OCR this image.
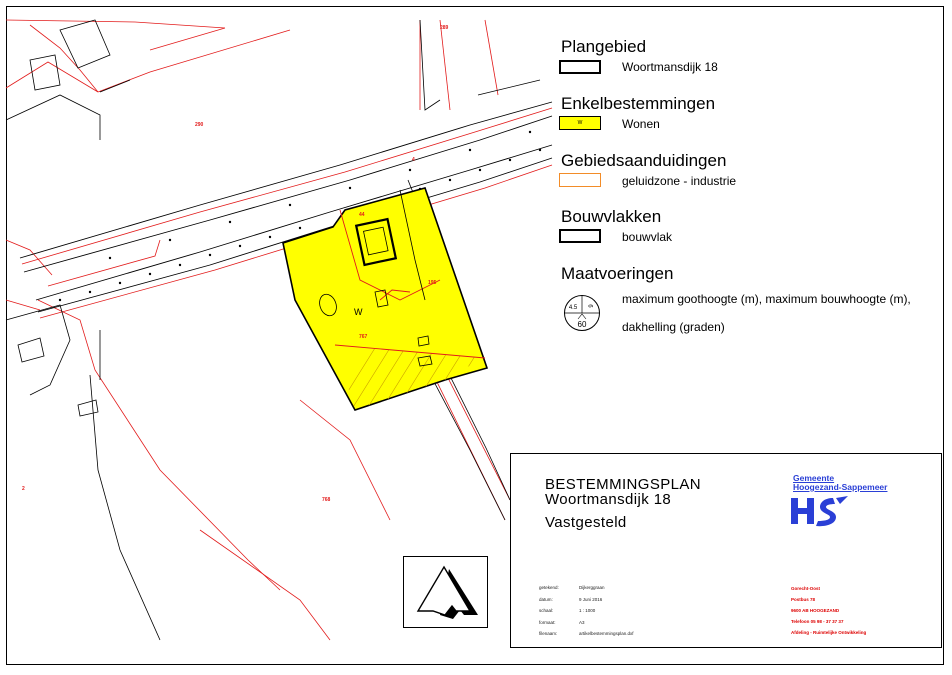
W
289
290
4
44
195
767
768
2
Plangebied
Woortmansdijk 18
Enkelbestemmingen
W	Wonen
Gebiedsaanduidingen
geluidzone - industrie
Bouwvlakken
bouwvlak
Maatvoeringen
4.5 9
60
maximum goothoogte (m), maximum bouwhoogte (m),
dakhelling (graden)
BESTEMMINGSPLAN
Woortmansdijk 18
Vastgesteld
Gemeente
Hoogezand-Sappemeer
getekend:	Dijkerggraan
datum:	9 Juni 2016
schaal:	1 : 1000
formaat:	A3
filenaam:	artikelbestemmingsplan.dxf
Gorecht-Oost
Postbus 78
9600 AB HOOGEZAND
Telefoon 05 98 - 37 37 37
Afdeling - Ruimtelijke Ontwikkeling
